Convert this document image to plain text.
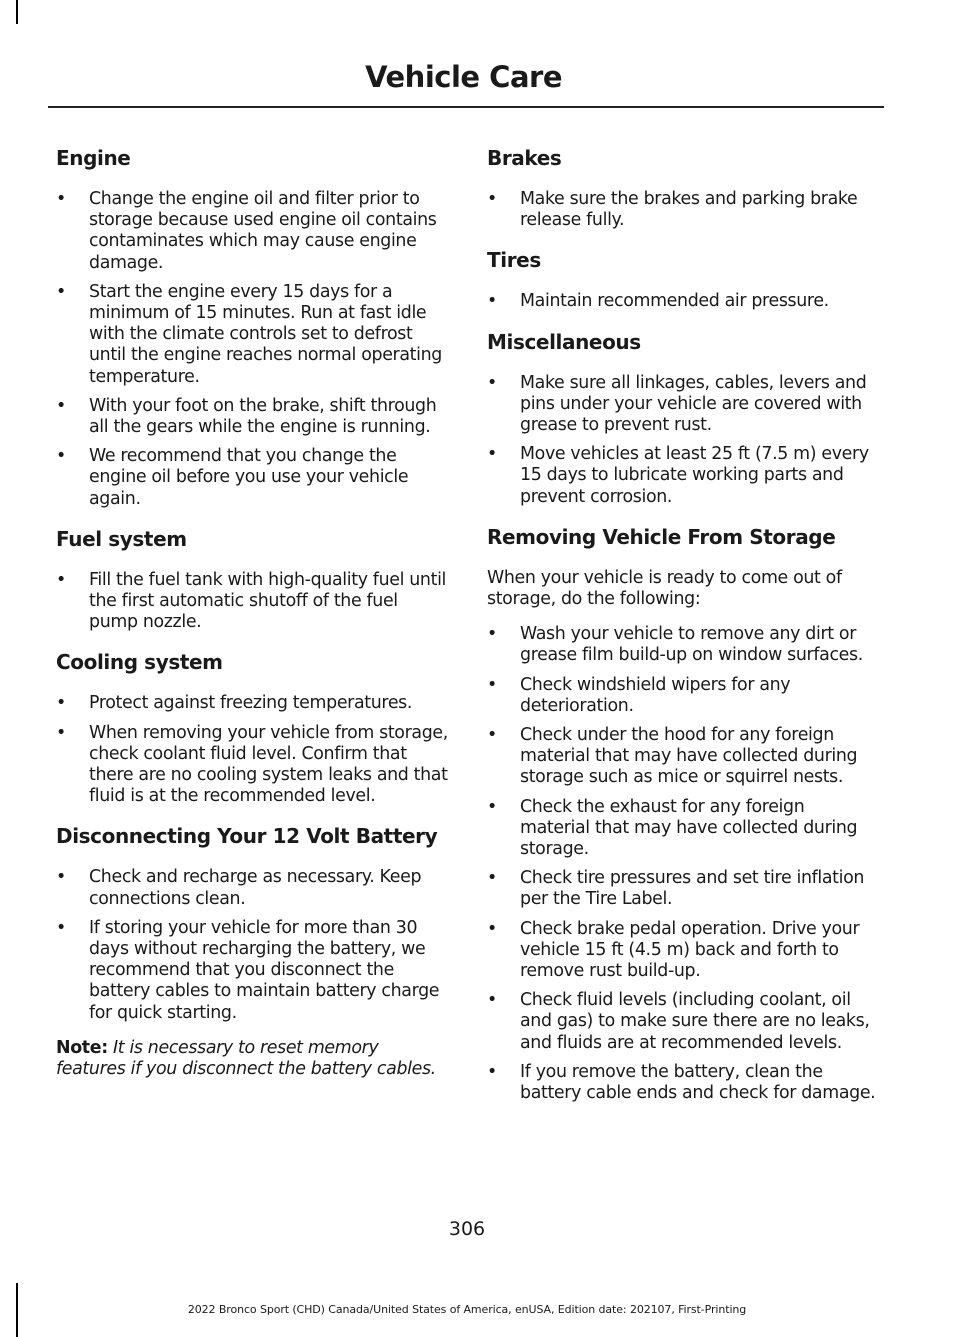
Vehicle Care
Engine
• Change the engine oil and filter prior to storage because used engine oil contains contaminates which may cause engine damage.
• Start the engine every 15 days for a minimum of 15 minutes. Run at fast idle with the climate controls set to defrost until the engine reaches normal operating temperature.
• With your foot on the brake, shift through all the gears while the engine is running.
• We recommend that you change the engine oil before you use your vehicle again.
Fuel system
• Fill the fuel tank with high-quality fuel until the first automatic shutoff of the fuel pump nozzle.
Cooling system
• Protect against freezing temperatures.
• When removing your vehicle from storage, check coolant fluid level. Confirm that there are no cooling system leaks and that fluid is at the recommended level.
Disconnecting Your 12 Volt Battery
• Check and recharge as necessary. Keep connections clean.
• If storing your vehicle for more than 30 days without recharging the battery, we recommend that you disconnect the battery cables to maintain battery charge for quick starting.

Note: It is necessary to reset memory features if you disconnect the battery cables.

Brakes
• Make sure the brakes and parking brake release fully.
Tires
• Maintain recommended air pressure.
Miscellaneous
• Make sure all linkages, cables, levers and pins under your vehicle are covered with grease to prevent rust.
• Move vehicles at least 25 ft (7.5 m) every 15 days to lubricate working parts and prevent corrosion.
Removing Vehicle From Storage

When your vehicle is ready to come out of storage, do the following:

• Wash your vehicle to remove any dirt or grease film build-up on window surfaces.
• Check windshield wipers for any deterioration.
• Check under the hood for any foreign material that may have collected during storage such as mice or squirrel nests.
• Check the exhaust for any foreign material that may have collected during storage.
• Check tire pressures and set tire inflation per the Tire Label.
• Check brake pedal operation. Drive your vehicle 15 ft (4.5 m) back and forth to remove rust build-up.
• Check fluid levels (including coolant, oil and gas) to make sure there are no leaks, and fluids are at recommended levels.
• If you remove the battery, clean the battery cable ends and check for damage.
306
2022 Bronco Sport (CHD) Canada/United States of America, enUSA, Edition date: 202107, First-Printing
